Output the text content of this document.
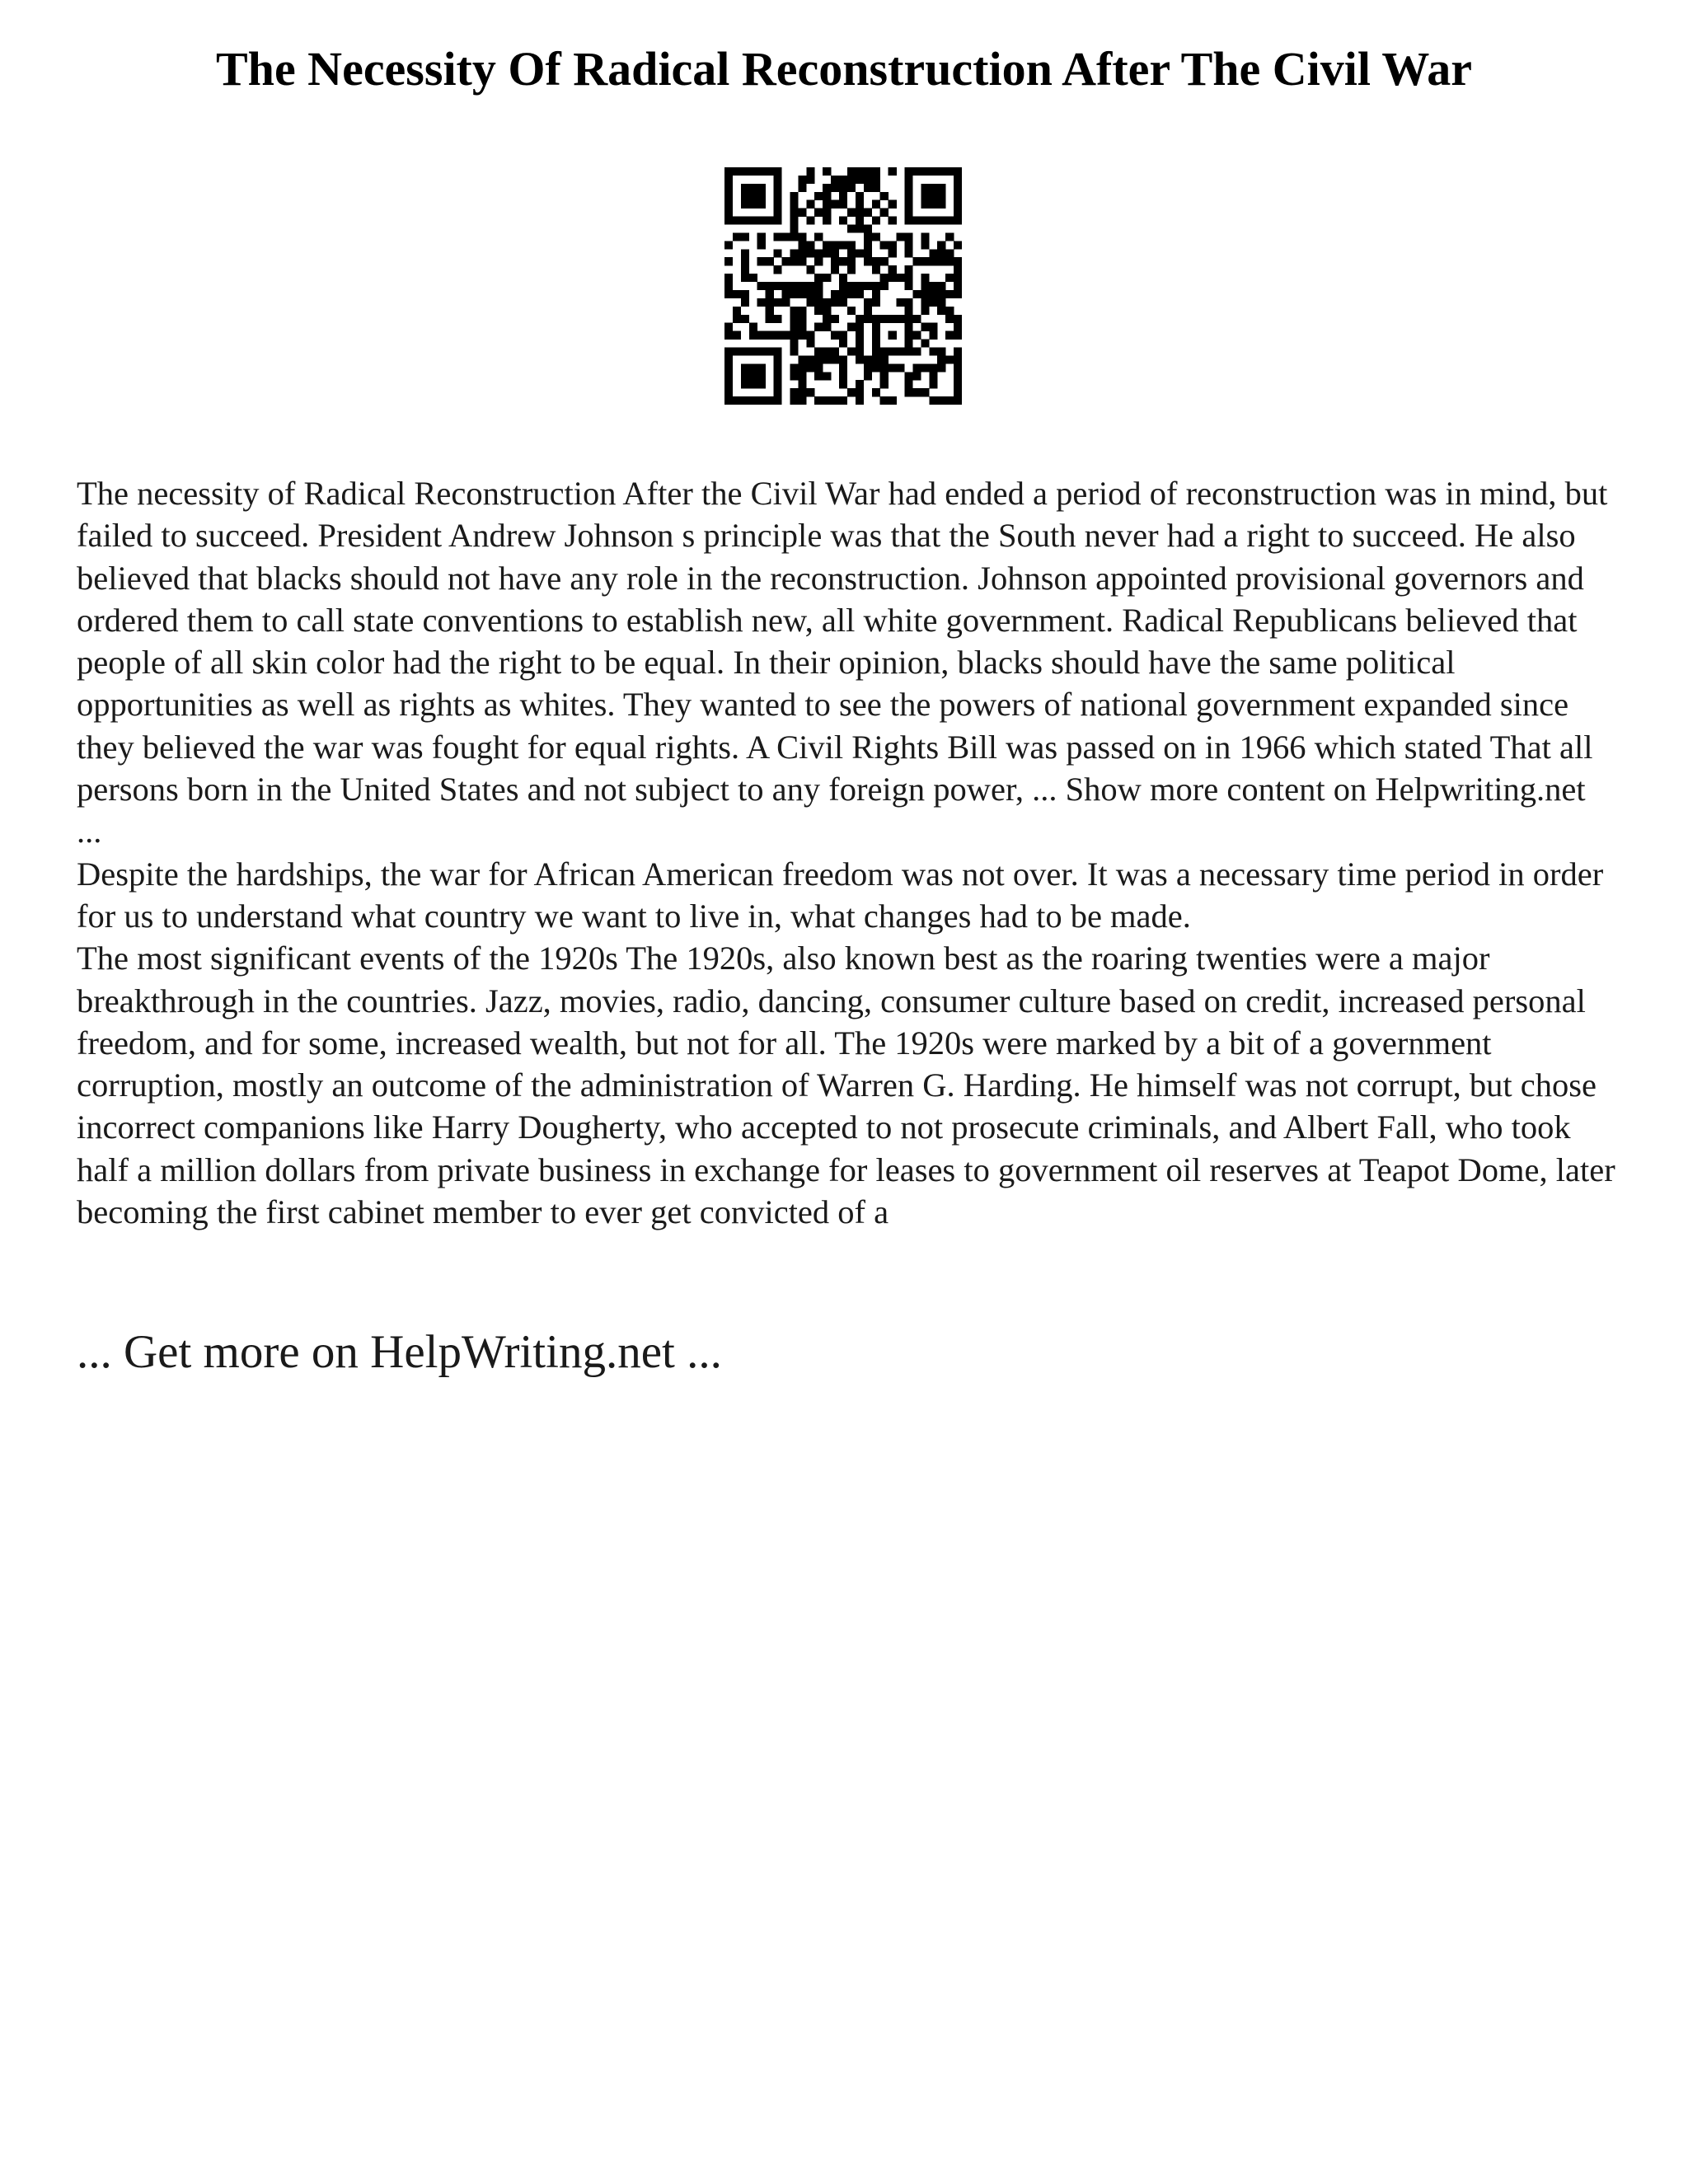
The Necessity Of Radical Reconstruction After The Civil War

The necessity of Radical Reconstruction After the Civil War had ended a period of reconstruction was in mind, but failed to succeed. President Andrew Johnson s principle was that the South never had a right to succeed. He also believed that blacks should not have any role in the reconstruction. Johnson appointed provisional governors and ordered them to call state conventions to establish new, all white government. Radical Republicans believed that people of all skin color had the right to be equal. In their opinion, blacks should have the same political opportunities as well as rights as whites. They wanted to see the powers of national government expanded since they believed the war was fought for equal rights. A Civil Rights Bill was passed on in 1966 which stated That all persons born in the United States and not subject to any foreign power, ... Show more content on Helpwriting.net ...

Despite the hardships, the war for African American freedom was not over. It was a necessary time period in order for us to understand what country we want to live in, what changes had to be made.

The most significant events of the 1920s The 1920s, also known best as the roaring twenties were a major breakthrough in the countries. Jazz, movies, radio, dancing, consumer culture based on credit, increased personal freedom, and for some, increased wealth, but not for all. The 1920s were marked by a bit of a government corruption, mostly an outcome of the administration of Warren G. Harding. He himself was not corrupt, but chose incorrect companions like Harry Dougherty, who accepted to not prosecute criminals, and Albert Fall, who took half a million dollars from private business in exchange for leases to government oil reserves at Teapot Dome, later becoming the first cabinet member to ever get convicted of a

... Get more on HelpWriting.net ...
